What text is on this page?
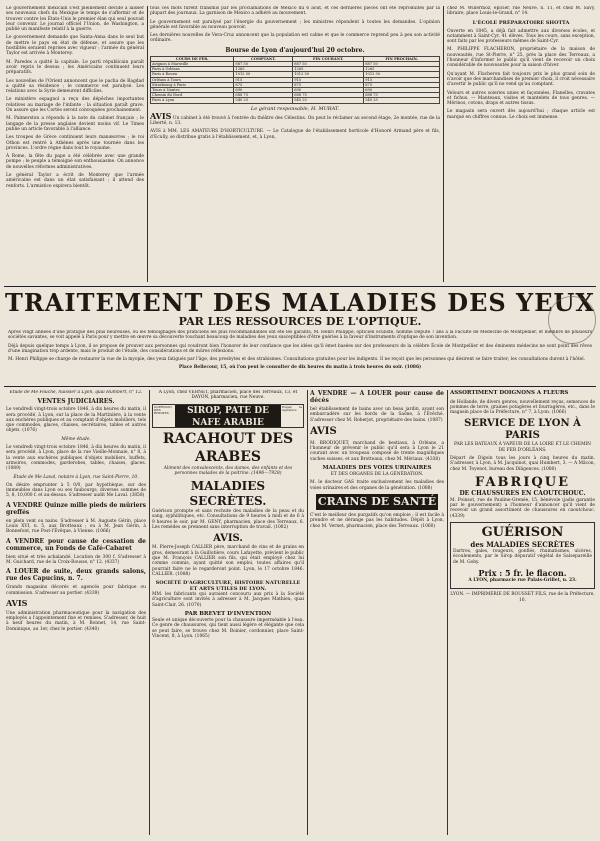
Le gouvernement mexicain s'est pleinement décidé à laisser ses nouveaux chefs du Mexique le temps de s'affermir et de trouver contre les États-Unis le premier élan qui seul pouvait leur convenir. Le journal officiel l'Union, de Washington, a publié un manifeste relatif à la guerre.

Le gouvernement demande que Santa-Anna dans le seul but de mettre le pays en état de défense, et assure que les hostilités seraient reprises avec vigueur ; l'armée du général Taylor est arrivée à Monterey.

M. Paredes a quitté la capitale. Le parti républicain paraît avoir repris le dessus ; les Américains continuent leurs préparatifs.

Les nouvelles de l'Orient annoncent que le pacha de Bagdad a quitté sa résidence ; le commerce est paralysé. Les relations avec la Syrie demeurent difficiles.

Le ministère espagnol a reçu des dépêches importantes relatives au mariage de l'infante ; la situation paraît grave. On assure que les Cortès seront convoquées prochainement.

M. Palmerston a répondu à la note du cabinet français ; le langage de la presse anglaise devient moins vif. Le Times publie un article favorable à l'alliance.

Les troupes de Grèce continuent leurs manœuvres ; le roi Othon est rentré à Athènes après une tournée dans les provinces. L'ordre règne dans tout le royaume.

À Rome, la fête du pape a été célébrée avec une grande pompe ; le peuple a témoigné son enthousiasme. On annonce de nouvelles réformes administratives.

Le général Taylor a écrit de Monterey que l'armée américaine est dans un état satisfaisant ; il attend des renforts. L'armistice expirera bientôt.

tous ces mots furent transmis par les proclamations de Mexico du 6 août, et ces dernières pièces ont été reproduites par la plupart des journaux. La garnison de Mexico a adhéré au mouvement.

Le gouvernement est paralysé par l'énergie du gouvernement ; les ministres répondent à toutes les demandes. L'opinion générale est favorable au nouveau pouvoir.

Les dernières nouvelles de Vera-Cruz annoncent que la population est calme et que le commerce reprend peu à peu son activité ordinaire.

Bourse de Lyon d'aujourd'hui 20 octobre.
COURS DE FER.	COMPTANT.	FIN COURANT.	FIN PROCHAIN.
Avignon à Marseille	887 50	887 50	887 50
Paris à Orléans	1265	1265	1265
Paris à Rouen	1012 50	1012 50	1012 50
Orléans à Tours	915	915	915
Strasbourg à Paris	875	875	875
Tours à Nantes	690	690	690
Chemin du Nord	688 75	688 75	688 75
Paris à Lyon	540 25	540 25	540 25
Le gérant responsable, H. MURAT.

AVIS Un cabinet à été trouvé à l'entrée du théâtre des Célestins. On peut le réclamer au second étage, 2e montée, rue de la Liberté, n. 13.

AVIS à MM. LES AMATEURS D'HORTICULTURE. — Le Catalogue de l'établissement horticole d'Honoré Armand père et fils, d'Écully, se distribue gratis à l'établissement, et, à Lyon,

chez M. Willermoz, épicier, rue Neuve, n. 11, et chez M. Savy, libraire, place Louis-le-Grand, n° 14.

L'ÉCOLE PRÉPARATOIRE SHOTTA

Ouverte en 1845, a déjà fait admettre aux diverses écoles, et notamment à Saint-Cyr, 41 élèves. Tous les cours, sans exception, sont faits par les professeurs mêmes de Saint-Cyr.

M. PHILIPPE FLACHERON, propriétaire de la maison de nouveautés, rue St-Pierre, n° 25, près la place des Terreaux, a l'honneur d'informer le public qu'il vient de recevoir un choix considérable de nouveautés pour la saison d'hiver.

Qu'ayant M. Flacheron fait toujours prix le plus grand soin de n'avoir que des marchandises de premier choix, il croit nécessaire d'avertir le public qu'il ne vend qu'au comptant.

Velours et autres soieries unies et façonnées, Flanelles, cravates et fichus. — Manteaux, visites et mantelets de tous genres. — Mérinos, cotons, draps et autres tissus.

Le magasin sera ouvert dès aujourd'hui ; chaque article est marqué en chiffres connus. Le choix est immense.

TRAITEMENT DES MALADIES DES YEUX
PAR LES RESSOURCES DE L'OPTIQUE.

Après vingt années d'une pratique des plus heureuses, où les témoignages des praticiens les plus recommandables ont été les garants, M. Henri Philippe, opticien oculiste, nommé Député 7 ans à la Faculté de Médecine de Montpellier, et membre de plusieurs sociétés savantes, se voit appelé à Paris pour y mettre en œuvre sa découverte touchant beaucoup de maladies des yeux susceptibles d'être guéries à la faveur d'instruments d'optique de son invention.

Déjà depuis quelque temps à Lyon, il se propose de prouver aux personnes qui voudront bien l'honorer de leur confiance que les idées qu'il émet basées sur des professeurs de la célèbre École de Montpellier et des éminents médecins ne sont point des rêves d'une imagination trop ardente, mais le produit de l'étude, des considérations et de mûres réflexions.

M. Henri Philippe se charge de restaurer la vue de la myopie, des yeux fatigués par l'âge, des presbytes et des strabismes. Consultations gratuites pour les indigents. Il ne reçoit que les personnes qui désirent se faire traiter; les consultations durent à l'hôtel.

Place Bellecour, 15, où l'on peut le consulter de dix heures du matin à trois heures du soir. (1086)

Étude de Me Fouché, huissier à Lyon, quai Humbert, n° 12.

VENTES JUDICIAIRES.

Le vendredi vingt-trois octobre 1846, à dix heures du matin, il sera procédé, à Lyon, sur la place de la Martinière, à la vente aux enchères publiques et au comptant d'objets mobiliers, tels que commodes, glaces, chaises, secrétaires, tables et autres objets. (1076)

Même étude.

Le vendredi vingt-trois octobre 1846, à dix heures du matin, il sera procédé, à Lyon, place de la rue Vieille-Monnaie, n° 8, à la vente aux enchères publiques d'objets mobiliers, buffets, armoires, commodes, garderobes, tables, chaises, glaces. (1089)

Étude de Me Laval, notaire à Lyon, rue Saint-Pierre, 10.

On désire emprunter à 5 0/0, par hypothèque, sur des immeubles dans Lyon ou ses faubourgs, diverses sommes de 5, 8, 10,000 f. et au-dessus. S'adresser audit Me Laval. (3858)

A VENDRE Quinze mille pieds de mûriers greffés

en plein vent ou nains. S'adresser à M. Auguste Gérin, place Louis XVI, n. 5, aux Brotteaux ; ou à M. Jean Gérin, à Bonnefont, rue Post-l'Évêque, à Vienne. (1066)

A VENDRE pour cause de cessation de commerce, un Fonds de Café-Cabaret

bien situé et très achalandé. Location de 300 f. S'adresser à M. Guichard, rue de la Croix-Rousse, n° 12. (4337)

A LOUER de suite, deux grands salons, rue des Capucins, n. 7.

Grands magasins décorés et agencés pour fabrique ou commission. S'adresser au portier. (4339)

AVIS

Une administration pharmaceutique pour la navigation des employés a l'appointement fixe et remises. S'adresser, de huit à neuf heures du matin, à M. Bonnet, 14, rue Saint-Dominique, au 1er, chez le portier. (4340)

A Lyon, chez VERNET, pharmacien, place des Terreaux, 13, et DAYON, pharmacien, rue Neuve.

SIROP, PATE DE NAFE ARABIE
GUÉRISON DES RHUMES
Exiger la signature
RACAHOUT DES ARABES

Aliment des convalescents, des dames, des enfants et des personnes malades de la poitrine. (1496—7928)

MALADIES SECRÈTES.

Guérison prompte et sans rechute des maladies de la peau et du sang, syphilitiques, etc. Consultations de 9 heures à midi et de 6 à 9 heures le soir, par M. GENY, pharmacien, place des Terreaux, 6. Les remèdes se prennent sans interruption de travail. (1082)

AVIS.

M. Pierre-Joseph CALLIER père, marchand de vins et de grains en gros, demeurant à la Guillotière, cours Lafayette, prévient le public que M. François CALLIER son fils, qui était employé chez lui comme commis, ayant quitté son emploi, toutes affaires qu'il pourrait faire ne le regarderont point. Lyon, le 17 octobre 1846. CALLIER. (1088)

SOCIÉTÉ D'AGRICULTURE, HISTOIRE NATURELLE ET ARTS UTILES DE LYON.

MM. les fabricants qui auraient concouru aux prix à la Société d'agriculture sont invités à adresser à M. Jacques Mathieu, quai Saint-Clair, 26. (1070)

PAR BREVET D'INVENTION

Seule et unique découverte pour la chaussure imperméable à l'eau. Ce genre de chaussures, qui tient aussi légère et élégante que cela se peut faire, se trouve chez M. Boinier, cordonnier, place Saint-Vincent, 8, à Lyon. (1065)

A VENDRE — A LOUER pour cause de décès

bel établissement de bains avec un beau jardin, ayant son embarcadère sur les bords de la Saône, à l'Évêché. S'adresser chez M. Roberjot, propriétaire des bains. (1087)

AVIS

M. BRODIQUET, marchand de bestiaux, à Orléans, a l'honneur de prévenir le public qu'il sera à Lyon le 21 courant avec un troupeau composé de trente magnifiques vaches suisses, et aux Brotteaux, chez M. Mériaux. (4338)

MALADIES DES VOIES URINAIRES
ET DES ORGANES DE LA GÉNÉRATION.

M. le docteur GAS traite exclusivement les maladies des voies urinaires et des organes de la génération. (1088)

CRAINS DE SANTÉ

C'est le meilleur des purgatifs qu'on emploie ; il est facile à prendre et ne dérange pas les habitudes. Dépôt à Lyon, chez M. Vernet, pharmacien, place des Terreaux. (1060)

ASSORTIMENT DOIGNONS À FLEURS

de Hollande, de divers genres, nouvellement reçus, semences de pommes de terre, graines potagères et fourragères, etc., dans le magasin place de la Préfecture, n° 7, à Lyon. (1066)

SERVICE DE LYON À PARIS
PAR LES BATEAUX À VAPEUR DE LA LOIRE ET LE CHEMIN DE FER D'ORLÉANS.

Départ de Digoin tous les jours à cinq heures du matin. S'adresser, à Lyon, à M. Jacquinot, quai Humbert, 3. — A Mâcon, chez M. Toyenot, bureau des Diligences. (1080)

FABRIQUE
DE CHAUSSURES EN CAOUTCHOUC.

M. Poinsot, rue de Pauline-Grenée, 15, bénévole (jadis garantie par le gouvernement) a l'honneur d'annoncer qu'il vient de recevoir un grand assortiment de chaussures en caoutchouc. (4339)

GUÉRISON
des MALADIES SECRÈTES

Dartres, gales, rougeurs, gonflés, rhumatismes, ulcères, écoulements, par le Sirop dépuratif végétal de Salsepareille de M. Goby.

Prix : 5 fr. le flacon.
A LYON, pharmacie rue Palais-Grillet, n. 23.

LYON. — IMPRIMERIE DE ROUSSET FILS, rue de la Préfecture, 10.
